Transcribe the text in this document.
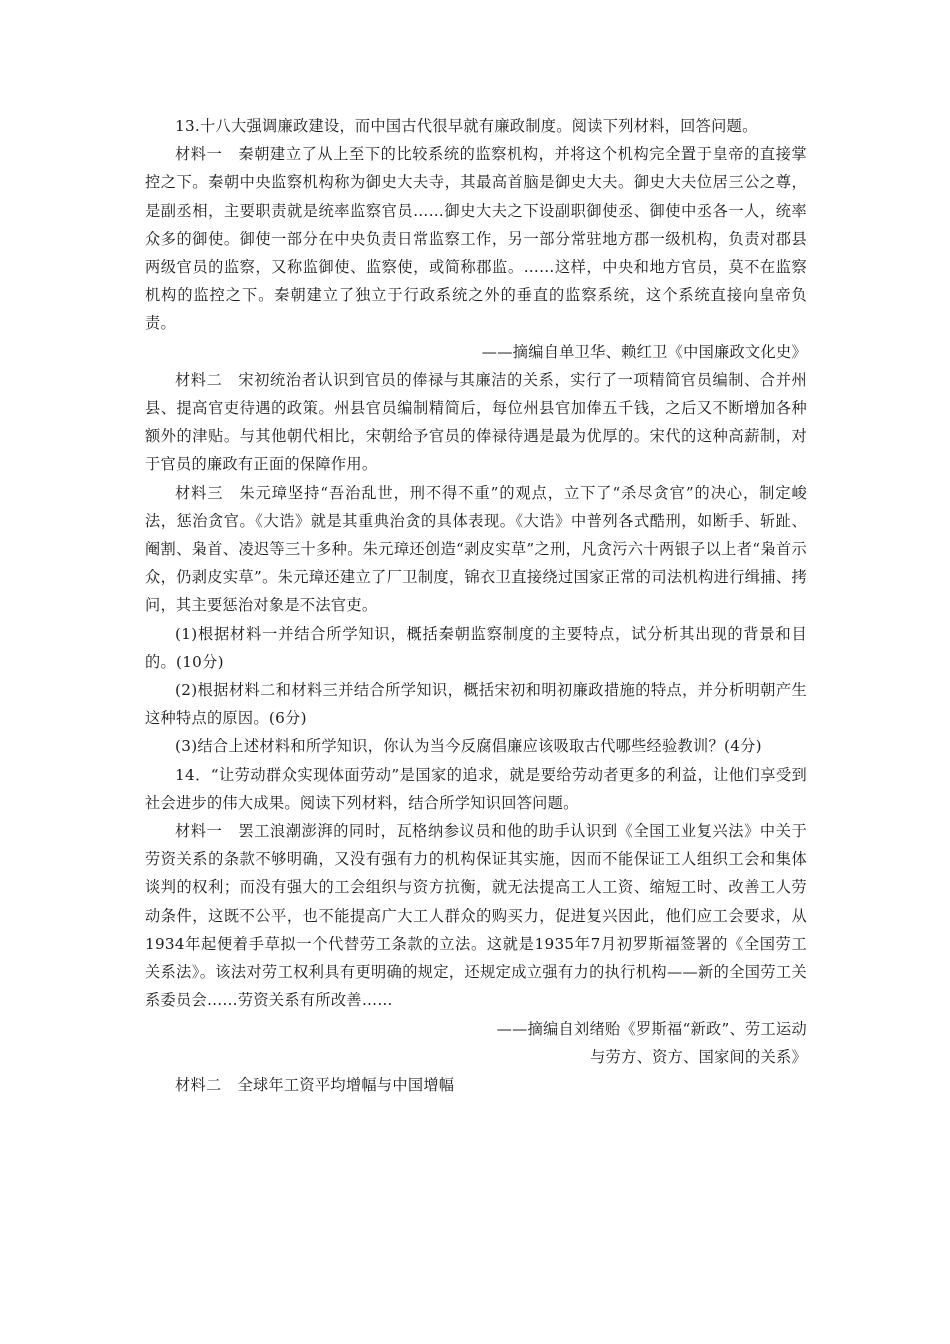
13.十八大强调廉政建设，而中国古代很早就有廉政制度。阅读下列材料，回答问题。

材料一 秦朝建立了从上至下的比较系统的监察机构，并将这个机构完全置于皇帝的直接掌控之下。秦朝中央监察机构称为御史大夫寺，其最高首脑是御史大夫。御史大夫位居三公之尊，是副丞相，主要职责就是统率监察官员……御史大夫之下设副职御使丞、御使中丞各一人，统率众多的御使。御使一部分在中央负责日常监察工作，另一部分常驻地方郡一级机构，负责对郡县两级官员的监察，又称监御使、监察使，或简称郡监。……这样，中央和地方官员，莫不在监察机构的监控之下。秦朝建立了独立于行政系统之外的垂直的监察系统，这个系统直接向皇帝负责。

——摘编自单卫华、赖红卫《中国廉政文化史》

材料二 宋初统治者认识到官员的俸禄与其廉洁的关系，实行了一项精简官员编制、合并州县、提高官吏待遇的政策。州县官员编制精简后，每位州县官加俸五千钱，之后又不断增加各种额外的津贴。与其他朝代相比，宋朝给予官员的俸禄待遇是最为优厚的。宋代的这种高薪制，对于官员的廉政有正面的保障作用。

材料三 朱元璋坚持“吾治乱世，刑不得不重”的观点，立下了“杀尽贪官”的决心，制定峻法，惩治贪官。《大诰》就是其重典治贪的具体表现。《大诰》中普列各式酷刑，如断手、斩趾、阉割、枭首、凌迟等三十多种。朱元璋还创造“剥皮实草”之刑，凡贪污六十两银子以上者“枭首示众，仍剥皮实草”。朱元璋还建立了厂卫制度，锦衣卫直接绕过国家正常的司法机构进行缉捕、拷问，其主要惩治对象是不法官吏。

(1)根据材料一并结合所学知识，概括秦朝监察制度的主要特点，试分析其出现的背景和目的。(10分)

(2)根据材料二和材料三并结合所学知识，概括宋初和明初廉政措施的特点，并分析明朝产生这种特点的原因。(6分)

(3)结合上述材料和所学知识，你认为当今反腐倡廉应该吸取古代哪些经验教训？(4分)

14．“让劳动群众实现体面劳动”是国家的追求，就是要给劳动者更多的利益，让他们享受到社会进步的伟大成果。阅读下列材料，结合所学知识回答问题。

材料一 罢工浪潮澎湃的同时，瓦格纳参议员和他的助手认识到《全国工业复兴法》中关于劳资关系的条款不够明确，又没有强有力的机构保证其实施，因而不能保证工人组织工会和集体谈判的权利；而没有强大的工会组织与资方抗衡，就无法提高工人工资、缩短工时、改善工人劳动条件，这既不公平，也不能提高广大工人群众的购买力，促进复兴因此，他们应工会要求，从1934年起便着手草拟一个代替劳工条款的立法。这就是1935年7月初罗斯福签署的《全国劳工关系法》。该法对劳工权利具有更明确的规定，还规定成立强有力的执行机构——新的全国劳工关系委员会……劳资关系有所改善……

——摘编自刘绪贻《罗斯福“新政”、劳工运动

与劳方、资方、国家间的关系》

材料二 全球年工资平均增幅与中国增幅
